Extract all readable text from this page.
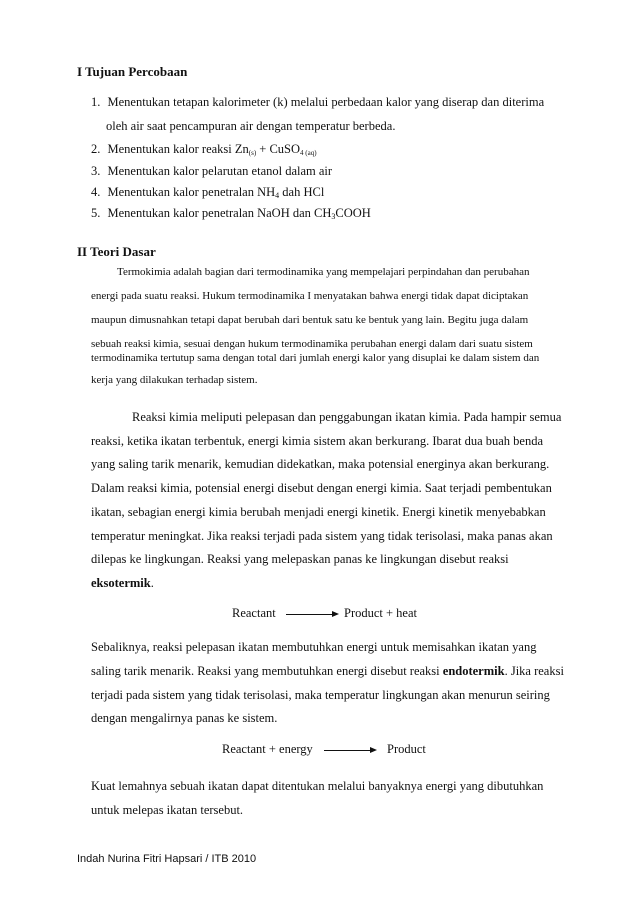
I Tujuan Percobaan
1. Menentukan tetapan kalorimeter (k) melalui perbedaan kalor yang diserap dan diterima
oleh air saat pencampuran air dengan temperatur berbeda.
2. Menentukan kalor reaksi Zn(s) + CuSO4 (aq)
3. Menentukan kalor pelarutan etanol dalam air
4. Menentukan kalor penetralan $NH_4$ dah HCl
5. Menentukan kalor penetralan NaOH dan $CH_3COOH$
II Teori Dasar
Termokimia adalah bagian dari termodinamika yang mempelajari perpindahan dan perubahan
energi pada suatu reaksi. Hukum termodinamika I menyatakan bahwa energi tidak dapat diciptakan
maupun dimusnahkan tetapi dapat berubah dari bentuk satu ke bentuk yang lain. Begitu juga dalam
sebuah reaksi kimia, sesuai dengan hukum termodinamika perubahan energi dalam dari suatu sistem
termodinamika tertutup sama dengan total dari jumlah energi kalor yang disuplai ke dalam sistem dan
kerja yang dilakukan terhadap sistem.
Reaksi kimia meliputi pelepasan dan penggabungan ikatan kimia. Pada hampir semua
reaksi, ketika ikatan terbentuk, energi kimia sistem akan berkurang. Ibarat dua buah benda
yang saling tarik menarik, kemudian didekatkan, maka potensial energinya akan berkurang.
Dalam reaksi kimia, potensial energi disebut dengan energi kimia. Saat terjadi pembentukan
ikatan, sebagian energi kimia berubah menjadi energi kinetik. Energi kinetik menyebabkan
temperatur meningkat. Jika reaksi terjadi pada sistem yang tidak terisolasi, maka panas akan
dilepas ke lingkungan. Reaksi yang melepaskan panas ke lingkungan disebut reaksi
eksotermik.
Reactant	Product + heat
Sebaliknya, reaksi pelepasan ikatan membutuhkan energi untuk memisahkan ikatan yang
saling tarik menarik. Reaksi yang membutuhkan energi disebut reaksi endotermik. Jika reaksi
terjadi pada sistem yang tidak terisolasi, maka temperatur lingkungan akan menurun seiring
dengan mengalirnya panas ke sistem.
Reactant + energy	Product
Kuat lemahnya sebuah ikatan dapat ditentukan melalui banyaknya energi yang dibutuhkan
untuk melepas ikatan tersebut.
Indah Nurina Fitri Hapsari / ITB 2010
